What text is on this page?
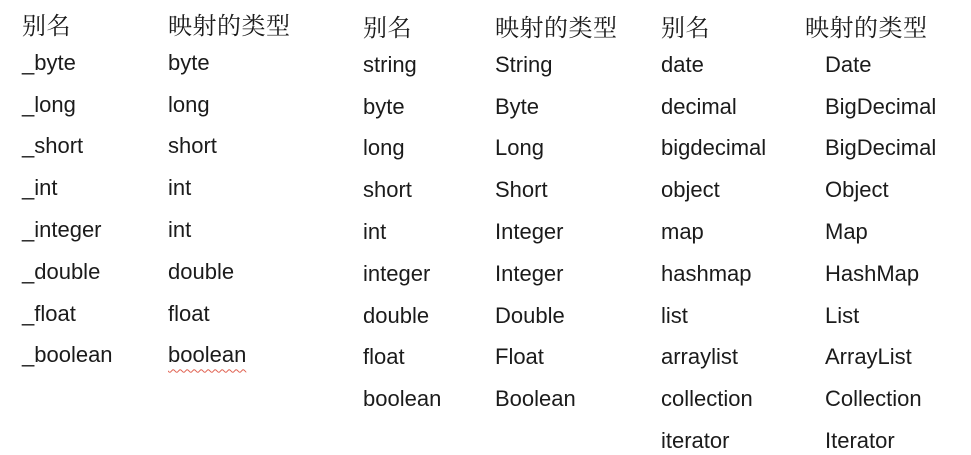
别名	映射的类型
_byte	byte
_long	long
_short	short
_int	int
_integer	int
_double	double
_float	float
_boolean	boolean
别名	映射的类型
string	String
byte	Byte
long	Long
short	Short
int	Integer
integer	Integer
double	Double
float	Float
boolean	Boolean
别名	映射的类型
date	Date
decimal	BigDecimal
bigdecimal	BigDecimal
object	Object
map	Map
hashmap	HashMap
list	List
arraylist	ArrayList
collection	Collection
iterator	Iterator
